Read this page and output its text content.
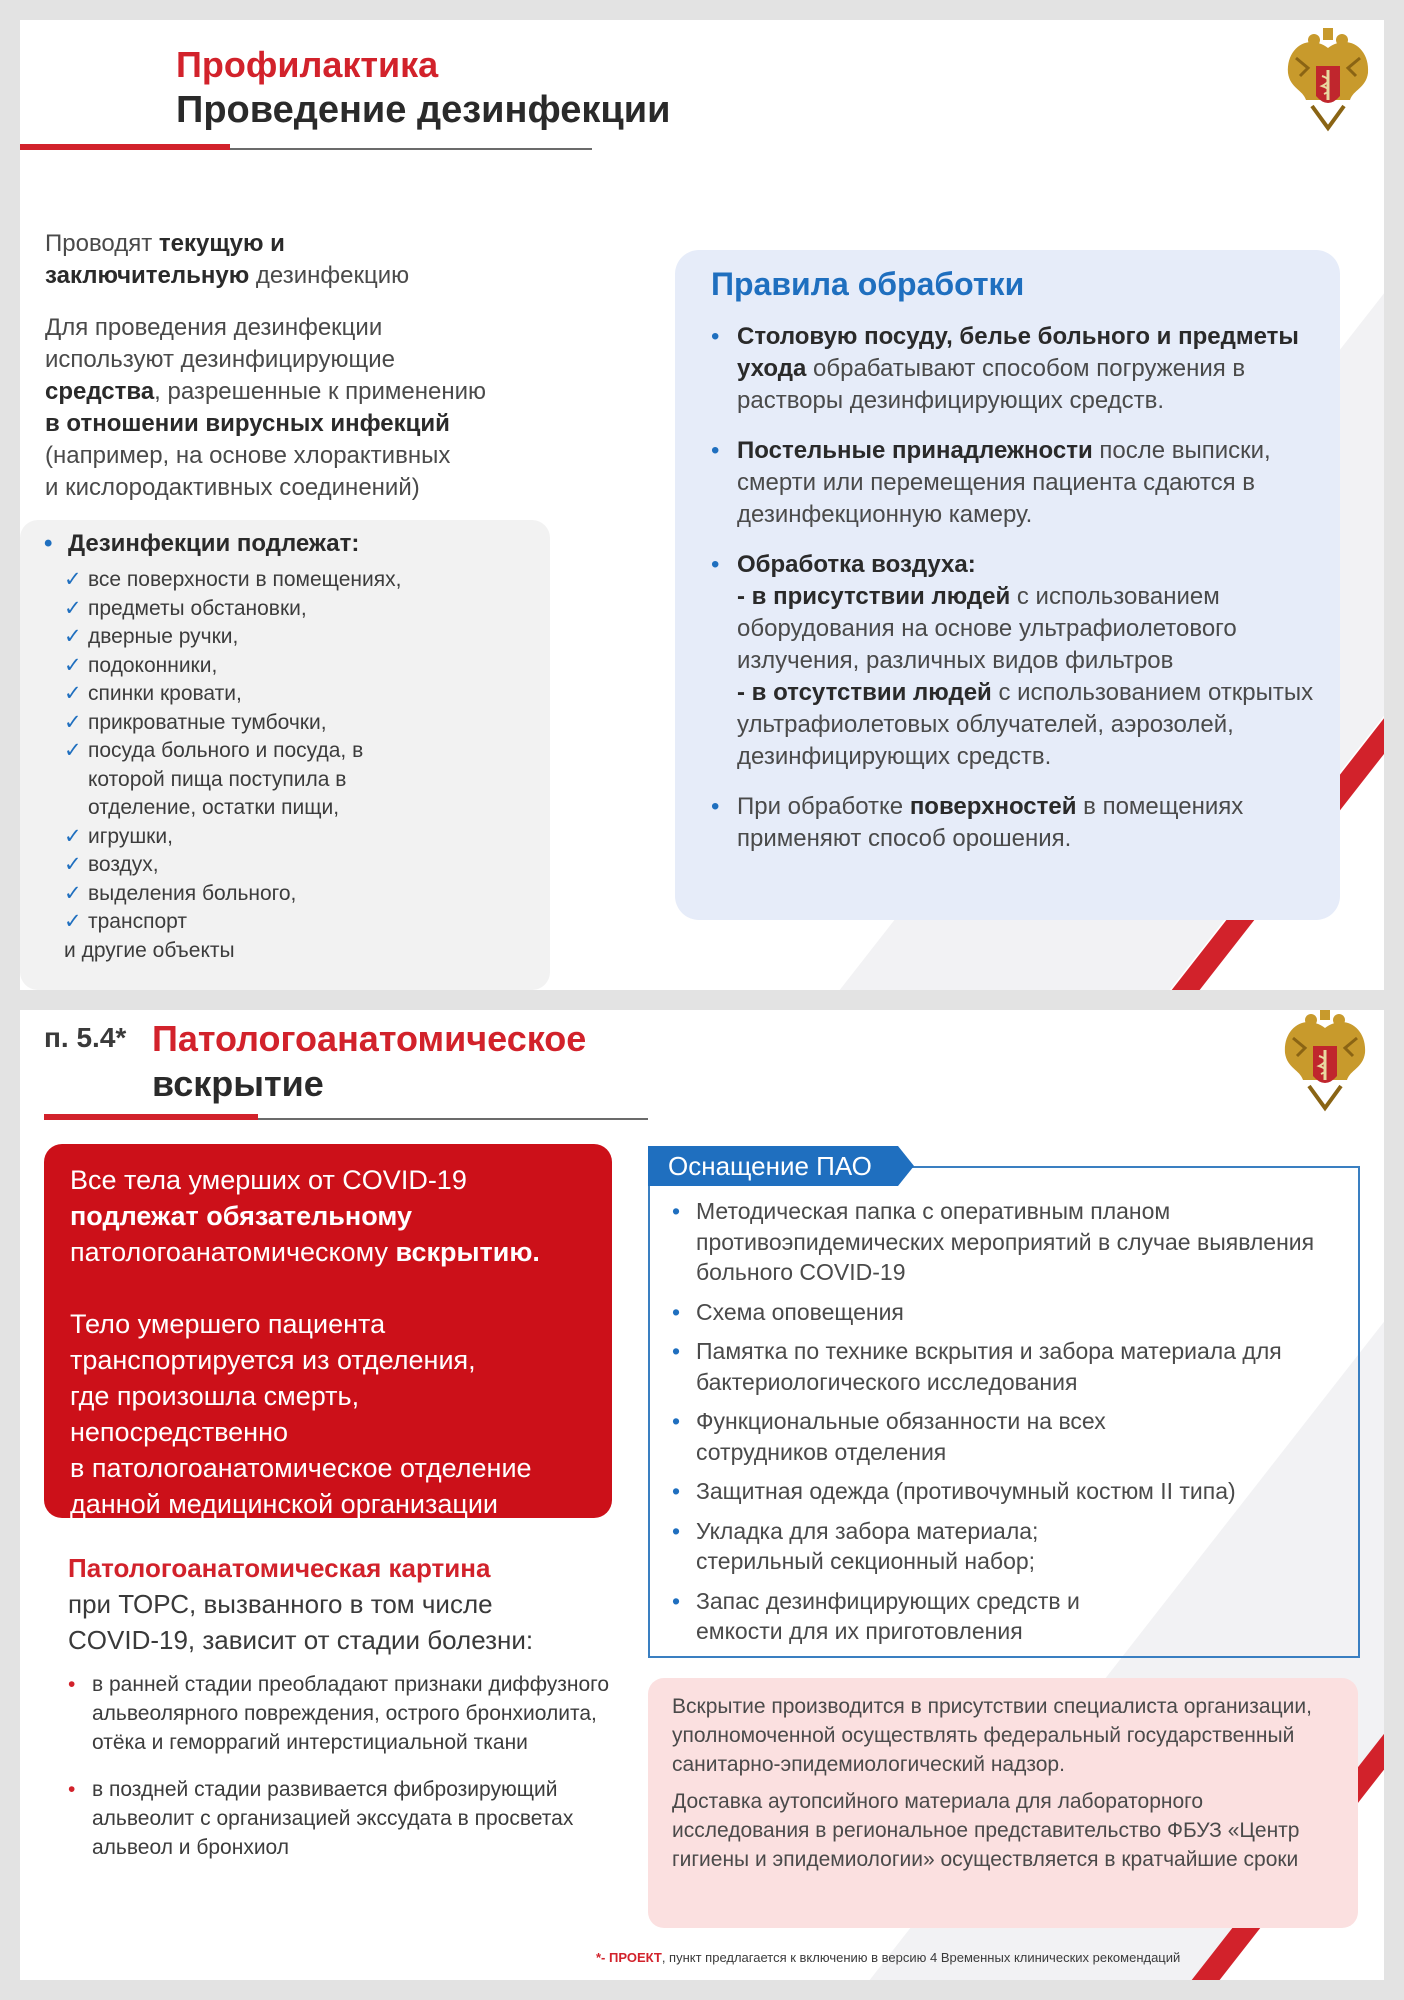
Профилактика
Проведение дезинфекции
Проводят текущую и
заключительную дезинфекцию
Для проведения дезинфекции
используют дезинфицирующие
средства, разрешенные к применению
в отношении вирусных инфекций
(например, на основе хлорактивных
и кислородактивных соединений)
• Дезинфекции подлежат:
✓ все поверхности в помещениях,
✓ предметы обстановки,
✓ дверные ручки,
✓ подоконники,
✓ спинки кровати,
✓ прикроватные тумбочки,
✓ посуда больного и посуда, в которой пища поступила в отделение, остатки пищи,
✓ игрушки,
✓ воздух,
✓ выделения больного,
✓ транспорт
и другие объекты
Правила обработки
• Столовую посуду, белье больного и предметы ухода обрабатывают способом погружения в растворы дезинфицирующих средств.
• Постельные принадлежности после выписки, смерти или перемещения пациента сдаются в дезинфекционную камеру.
• Обработка воздуха:
- в присутствии людей с использованием оборудования на основе ультрафиолетового излучения, различных видов фильтров
- в отсутствии людей с использованием открытых ультрафиолетовых облучателей, аэрозолей, дезинфицирующих средств.
• При обработке поверхностей в помещениях применяют способ орошения.
п. 5.4* Патологоанатомическое
вскрытие

Все тела умерших от COVID-19
подлежат обязательному
патологоанатомическому вскрытию.

Тело умершего пациента
транспортируется из отделения,
где произошла смерть,
непосредственно
в патологоанатомическое отделение
данной медицинской организации

Патологоанатомическая картина
при ТОРС, вызванного в том числе
COVID-19, зависит от стадии болезни:
• в ранней стадии преобладают признаки диффузного альвеолярного повреждения, острого бронхиолита, отёка и геморрагий интерстициальной ткани
• в поздней стадии развивается фиброзирующий альвеолит с организацией экссудата в просветах альвеол и бронхиол
Оснащение ПАО
• Методическая папка с оперативным планом противоэпидемических мероприятий в случае выявления больного COVID-19
• Схема оповещения
• Памятка по технике вскрытия и забора материала для бактериологического исследования
• Функциональные обязанности на всех сотрудников отделения
• Защитная одежда (противочумный костюм II типа)
• Укладка для забора материала; стерильный секционный набор;
• Запас дезинфицирующих средств и емкости для их приготовления

Вскрытие производится в присутствии специалиста организации, уполномоченной осуществлять федеральный государственный санитарно-эпидемиологический надзор.

Доставка аутопсийного материала для лабораторного исследования в региональное представительство ФБУЗ «Центр гигиены и эпидемиологии» осуществляется в кратчайшие сроки

*- ПРОЕКТ, пункт предлагается к включению в версию 4 Временных клинических рекомендаций
